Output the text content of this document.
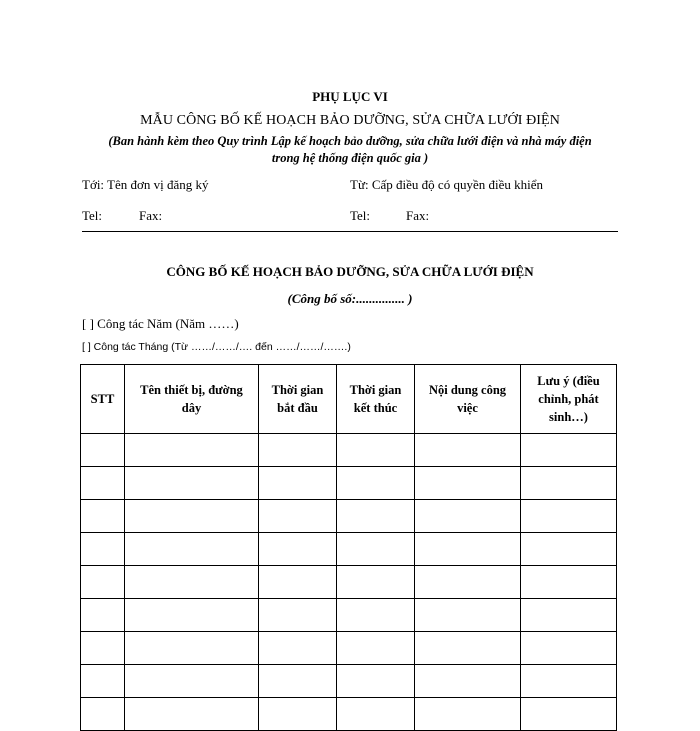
PHỤ LỤC VI
MẪU CÔNG BỐ KẾ HOẠCH BẢO DƯỠNG, SỬA CHỮA LƯỚI ĐIỆN
(Ban hành kèm theo Quy trình Lập kế hoạch bảo dưỡng, sửa chữa lưới điện và nhà máy điện
trong hệ thống điện quốc gia )
Tới: Tên đơn vị đăng ký	Từ: Cấp điều độ có quyền điều khiển
Tel:	Fax:	Tel:	Fax:
CÔNG BỐ KẾ HOẠCH BẢO DƯỠNG, SỬA CHỮA LƯỚI ĐIỆN
(Công bố số:............... )
[ ] Công tác Năm (Năm ……)
[ ] Công tác Tháng (Từ ……/……/…. đến ……/……/…….)
STT	Tên thiết bị, đường dây	Thời gian bắt đầu	Thời gian kết thúc	Nội dung công việc	Lưu ý (điều chỉnh, phát sinh…)
